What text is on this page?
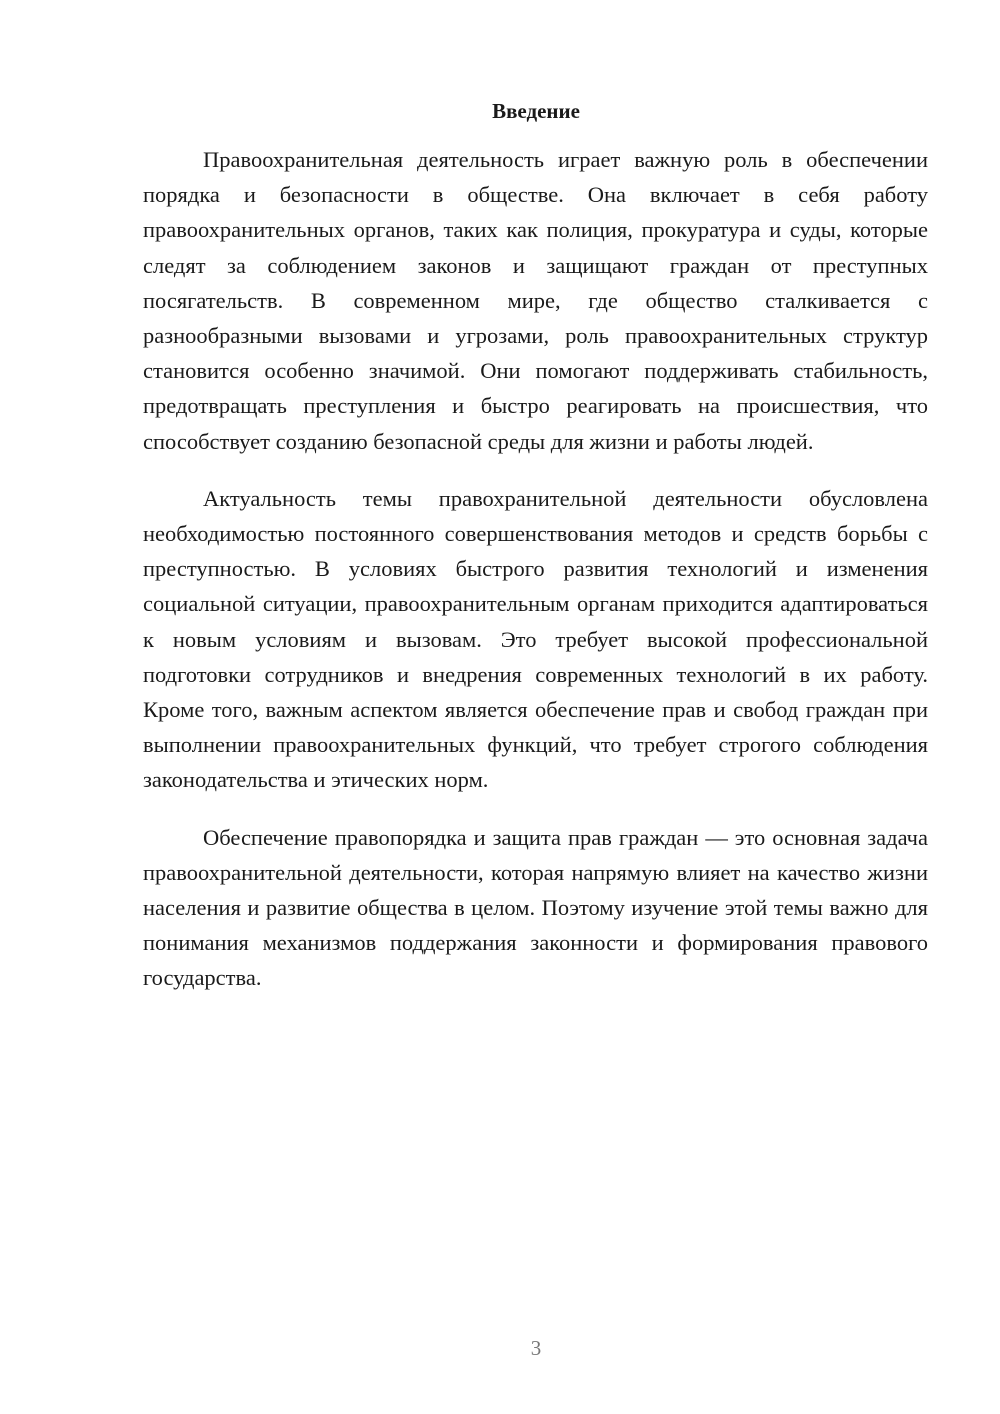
Введение

Правоохранительная деятельность играет важную роль в обеспечении порядка и безопасности в обществе. Она включает в себя работу правоохранительных органов, таких как полиция, прокуратура и суды, которые следят за соблюдением законов и защищают граждан от преступных посягательств. В современном мире, где общество сталкивается с разнообразными вызовами и угрозами, роль правоохранительных структур становится особенно значимой. Они помогают поддерживать стабильность, предотвращать преступления и быстро реагировать на происшествия, что способствует созданию безопасной среды для жизни и работы людей.

Актуальность темы правохранительной деятельности обусловлена необходимостью постоянного совершенствования методов и средств борьбы с преступностью. В условиях быстрого развития технологий и изменения социальной ситуации, правоохранительным органам приходится адаптироваться к новым условиям и вызовам. Это требует высокой профессиональной подготовки сотрудников и внедрения современных технологий в их работу. Кроме того, важным аспектом является обеспечение прав и свобод граждан при выполнении правоохранительных функций, что требует строгого соблюдения законодательства и этических норм.

Обеспечение правопорядка и защита прав граждан — это основная задача правоохранительной деятельности, которая напрямую влияет на качество жизни населения и развитие общества в целом. Поэтому изучение этой темы важно для понимания механизмов поддержания законности и формирования правового государства.

3
